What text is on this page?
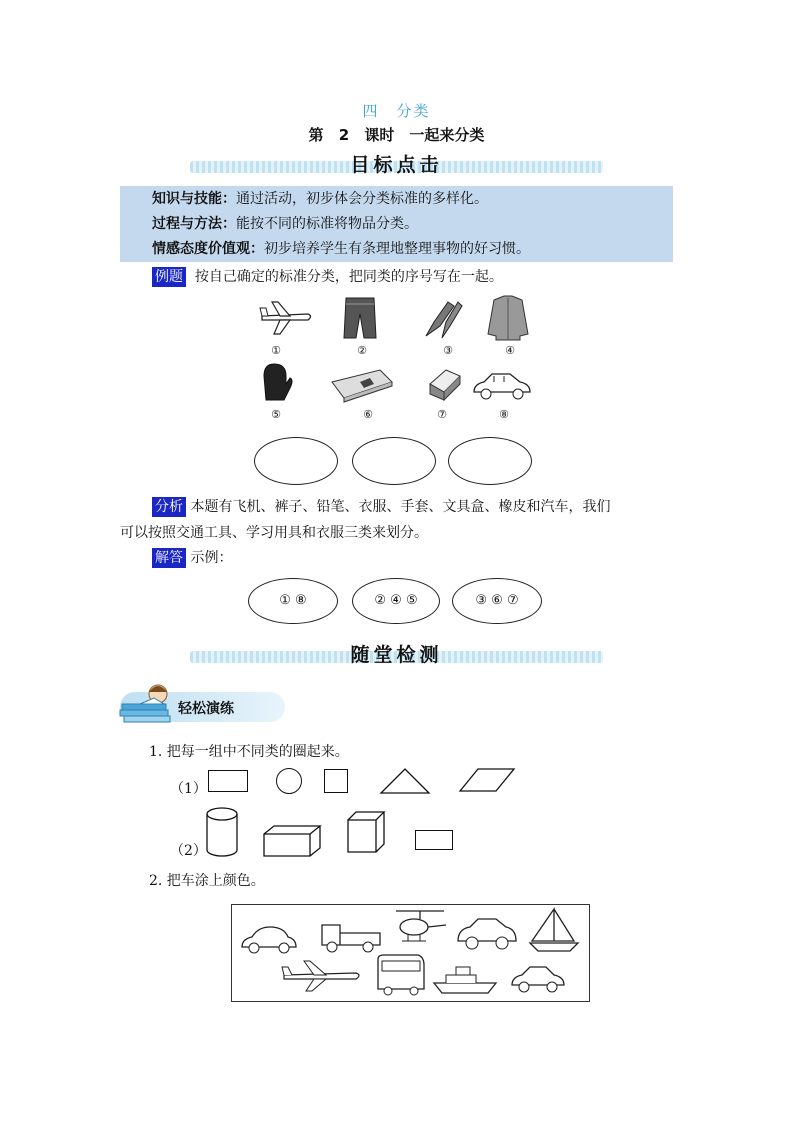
四　分类
第 2 课时　一起来分类
目标点击
知识与技能：通过活动，初步体会分类标准的多样化。
过程与方法：能按不同的标准将物品分类。
情感态度价值观：初步培养学生有条理地整理事物的好习惯。
例题 按自己确定的标准分类，把同类的序号写在一起。
①	②	③	④
⑤	⑥	⑦	⑧
分析 本题有飞机、裤子、铅笔、衣服、手套、文具盒、橡皮和汽车，我们
可以按照交通工具、学习用具和衣服三类来划分。
解答 示例：
① ⑧	② ④ ⑤	③ ⑥ ⑦
随堂检测
轻松演练
1. 把每一组中不同类的圈起来。
（1）
（2）
2. 把车涂上颜色。
